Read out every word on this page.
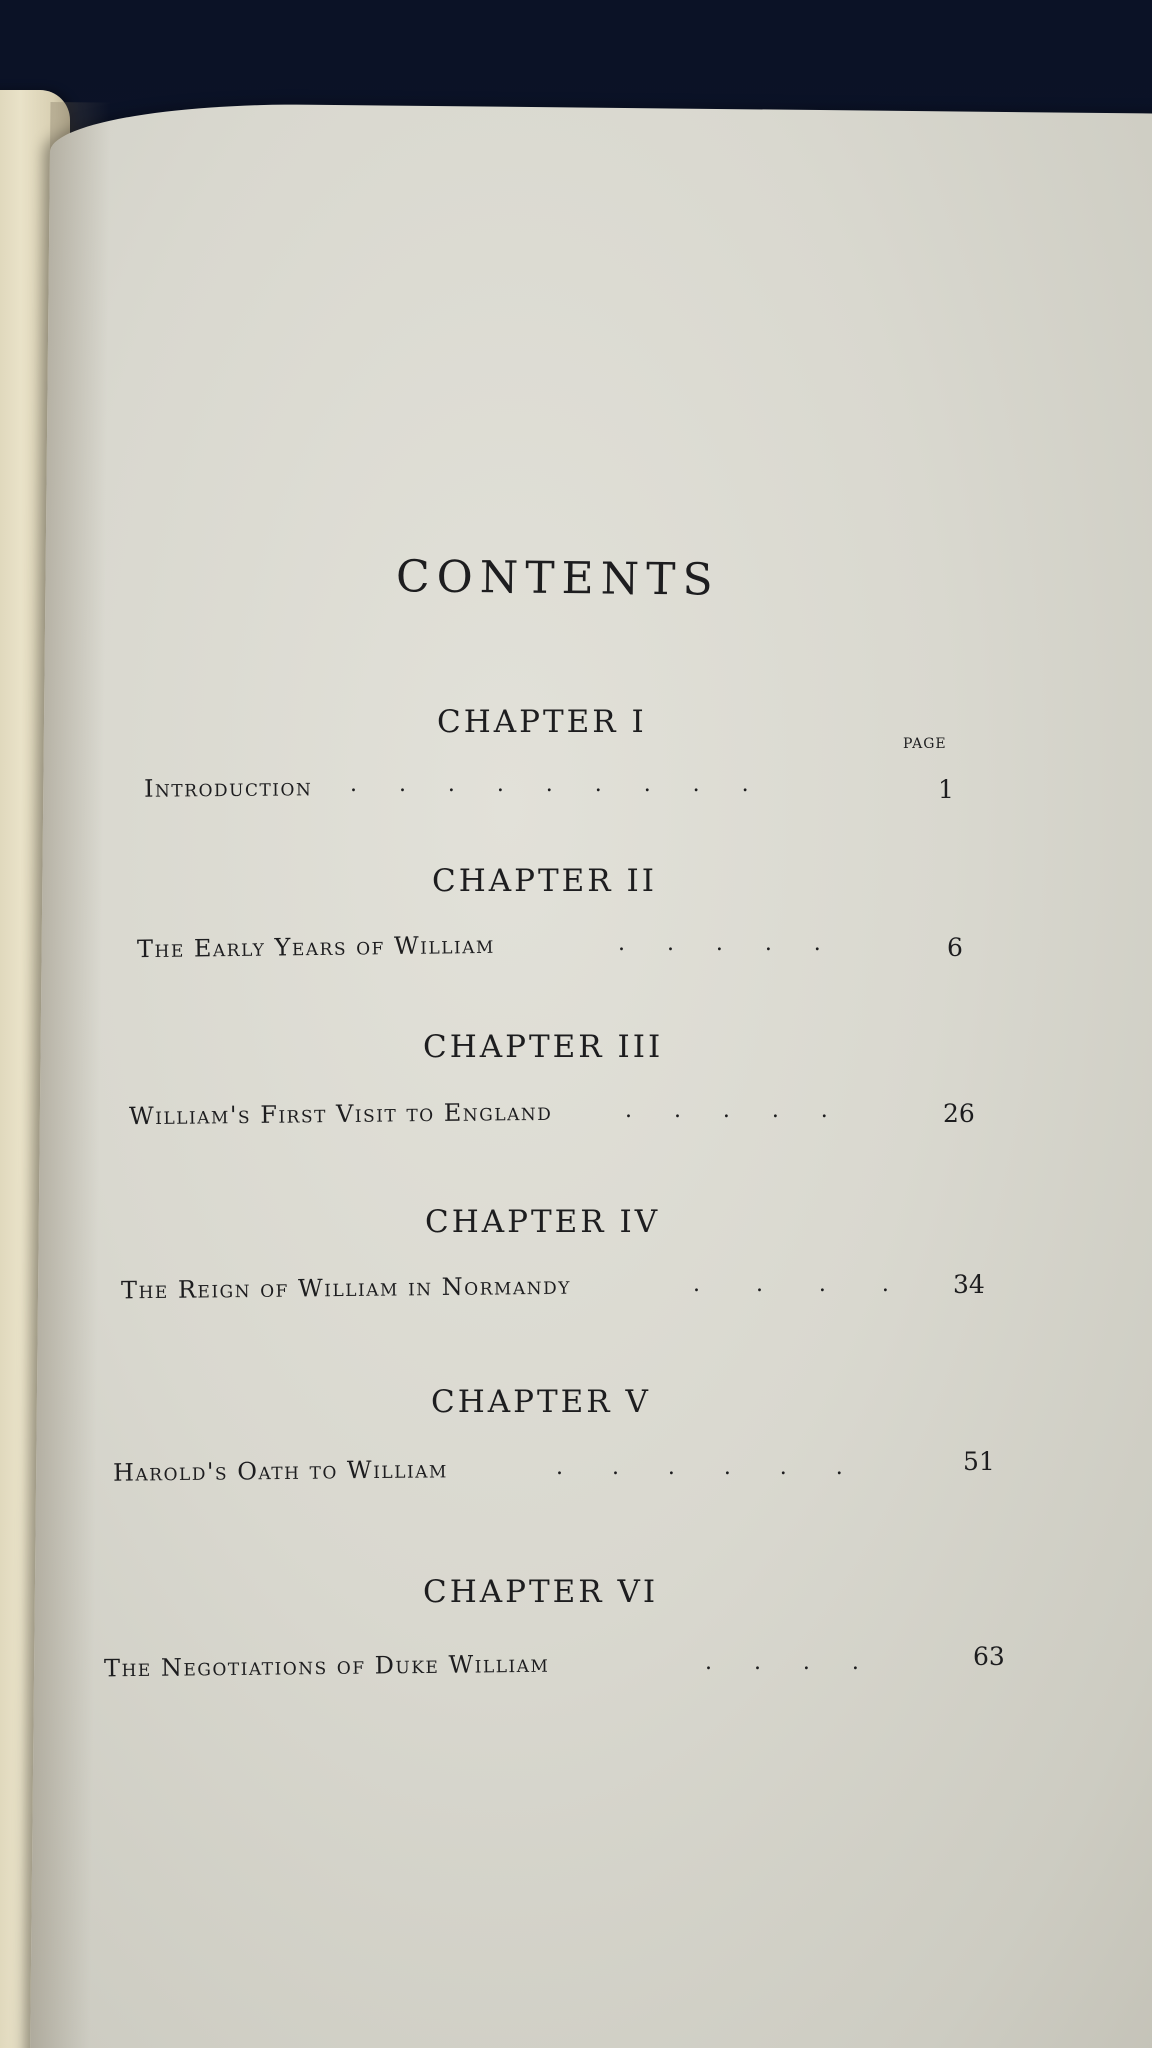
CONTENTS
PAGE
CHAPTER I
Introduction .      .      .      .      .      .      .      .      .	1
CHAPTER II
The Early Years of William	.      .      .      .      .	6
CHAPTER III
William's First Visit to England	.      .      .      .      .	26
CHAPTER IV
The Reign of William in Normandy	.        .        .        .	34
CHAPTER V
Harold's Oath to William	.       .       .       .       .       .	51
CHAPTER VI
The Negotiations of Duke William	.      .      .      .	63
